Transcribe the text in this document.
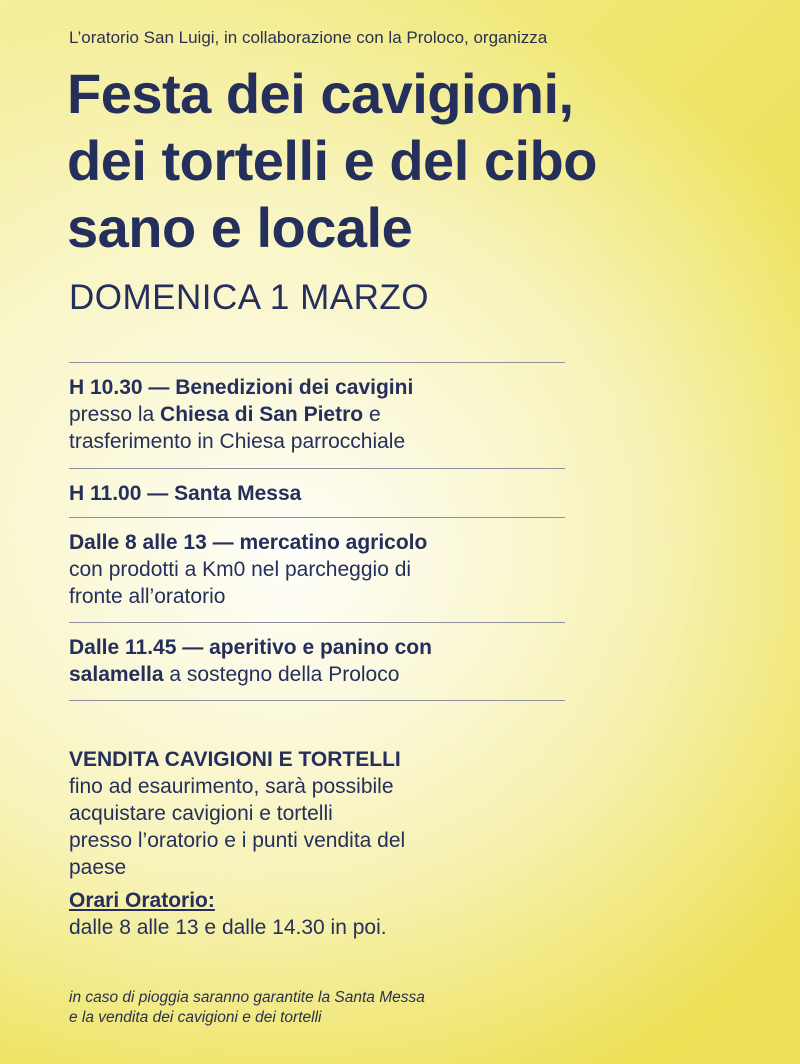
L’oratorio San Luigi, in collaborazione con la Proloco, organizza
Festa dei cavigioni,
dei tortelli e del cibo
sano e locale
DOMENICA 1 MARZO
H 10.30 — Benedizioni dei cavigini
presso la Chiesa di San Pietro e
trasferimento in Chiesa parrocchiale
H 11.00 — Santa Messa
Dalle 8 alle 13 — mercatino agricolo
con prodotti a Km0 nel parcheggio di
fronte all’oratorio
Dalle 11.45 — aperitivo e panino con
salamella a sostegno della Proloco
VENDITA CAVIGIONI E TORTELLI
fino ad esaurimento, sarà possibile
acquistare cavigioni e tortelli
presso l’oratorio e i punti vendita del
paese
Orari Oratorio:
dalle 8 alle 13 e dalle 14.30 in poi.
in caso di pioggia saranno garantite la Santa Messa
e la vendita dei cavigioni e dei tortelli
